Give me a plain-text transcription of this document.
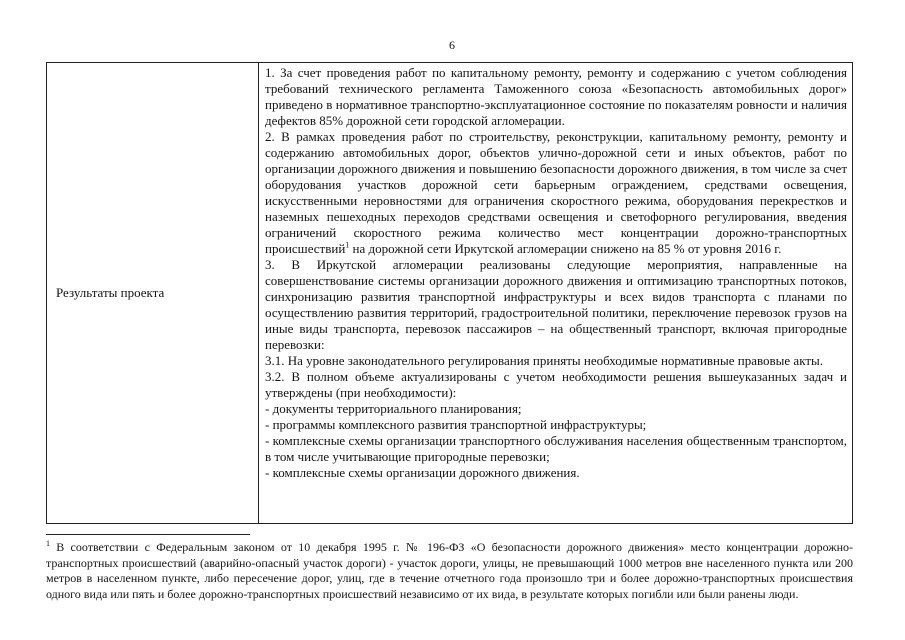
6
Результаты проекта

1. За счет проведения работ по капитальному ремонту, ремонту и содержанию с учетом соблюдения требований технического регламента Таможенного союза «Безопасность автомобильных дорог» приведено в нормативное транспортно-эксплуатационное состояние по показателям ровности и наличия дефектов 85% дорожной сети городской агломерации.

2. В рамках проведения работ по строительству, реконструкции, капитальному ремонту, ремонту и содержанию автомобильных дорог, объектов улично-дорожной сети и иных объектов, работ по организации дорожного движения и повышению безопасности дорожного движения, в том числе за счет оборудования участков дорожной сети барьерным ограждением, средствами освещения, искусственными неровностями для ограничения скоростного режима, оборудования перекрестков и наземных пешеходных переходов средствами освещения и светофорного регулирования, введения ограничений скоростного режима количество мест концентрации дорожно-транспортных происшествий$^1$ на дорожной сети Иркутской агломерации снижено на 85 % от уровня 2016 г.

3. В Иркутской агломерации реализованы следующие мероприятия, направленные на совершенствование системы организации дорожного движения и оптимизацию транспортных потоков, синхронизацию развития транспортной инфраструктуры и всех видов транспорта с планами по осуществлению развития территорий, градостроительной политики, переключение перевозок грузов на иные виды транспорта, перевозок пассажиров – на общественный транспорт, включая пригородные перевозки:

3.1. На уровне законодательного регулирования приняты необходимые нормативные правовые акты.

3.2. В полном объеме актуализированы с учетом необходимости решения вышеуказанных задач и утверждены (при необходимости):

- документы территориального планирования;

- программы комплексного развития транспортной инфраструктуры;

- комплексные схемы организации транспортного обслуживания населения общественным транспортом, в том числе учитывающие пригородные перевозки;

- комплексные схемы организации дорожного движения.

$^1$ В соответствии с Федеральным законом от 10 декабря 1995 г. № 196-ФЗ «О безопасности дорожного движения» место концентрации дорожно-транспортных происшествий (аварийно-опасный участок дороги) - участок дороги, улицы, не превышающий 1000 метров вне населенного пункта или 200 метров в населенном пункте, либо пересечение дорог, улиц, где в течение отчетного года произошло три и более дорожно-транспортных происшествия одного вида или пять и более дорожно-транспортных происшествий независимо от их вида, в результате которых погибли или были ранены люди.
